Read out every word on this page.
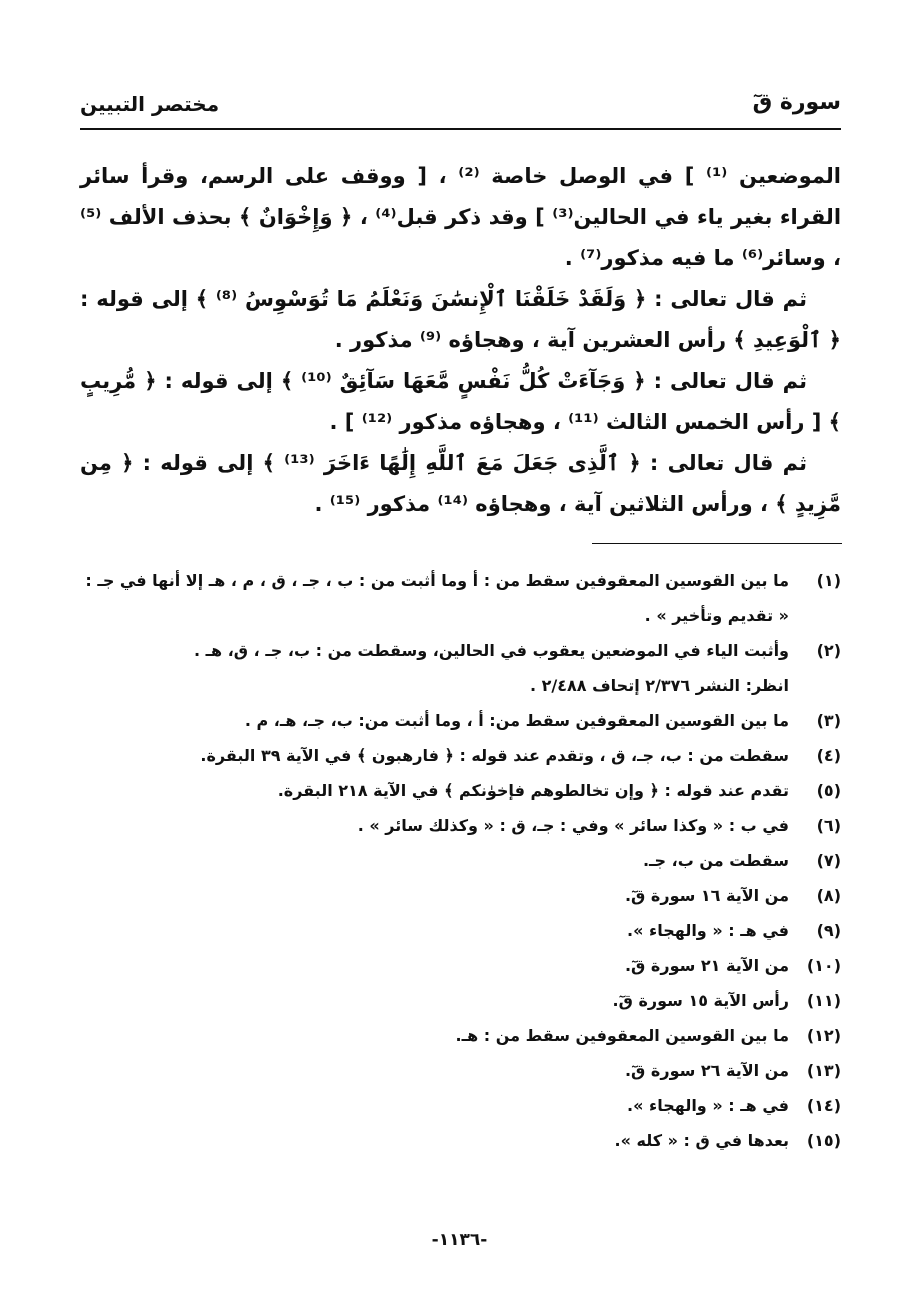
سورة قٓ
مختصر التبيين

الموضعين ⁽¹⁾ ] في الوصل خاصة ⁽²⁾ ، [ ووقف على الرسم، وقرأ سائر القراء بغير ياء في الحالين⁽³⁾ ] وقد ذكر قبل⁽⁴⁾ ، ﴿ وَإِخْوَانٌ ﴾ بحذف الألف ⁽⁵⁾ ، وسائر⁽⁶⁾ ما فيه مذكور⁽⁷⁾ .

ثم قال تعالى : ﴿ وَلَقَدْ خَلَقْنَا ٱلْإِنسَٰنَ وَنَعْلَمُ مَا تُوَسْوِسُ ⁽⁸⁾ ﴾ إلى قوله : ﴿ ٱلْوَعِيدِ ﴾ رأس العشرين آية ، وهجاؤه ⁽⁹⁾ مذكور .

ثم قال تعالى : ﴿ وَجَآءَتْ كُلُّ نَفْسٍ مَّعَهَا سَآئِقٌ ⁽¹⁰⁾ ﴾ إلى قوله : ﴿ مُّرِيبٍ ﴾ [ رأس الخمس الثالث ⁽¹¹⁾ ، وهجاؤه مذكور ⁽¹²⁾ ] .

ثم قال تعالى : ﴿ ٱلَّذِى جَعَلَ مَعَ ٱللَّهِ إِلَٰهًا ءَاخَرَ ⁽¹³⁾ ﴾ إلى قوله : ﴿ مِن مَّزِيدٍ ﴾ ، ورأس الثلاثين آية ، وهجاؤه ⁽¹⁴⁾ مذكور ⁽¹⁵⁾ .

(١)
ما بين القوسين المعقوفين سقط من : أ وما أثبت من : ب ، جـ ، ق ، م ، هـ إلا أنها في جـ : « تقديم وتأخير » .
(٢)
وأثبت الياء في الموضعين يعقوب في الحالين، وسقطت من : ب، جـ ، ق، هـ .
انظر: النشر ٢/٣٧٦ إتحاف ٢/٤٨٨ .
(٣)
ما بين القوسين المعقوفين سقط من: أ ، وما أثبت من: ب، جـ، هـ، م .
(٤)
سقطت من : ب، جـ، ق ، وتقدم عند قوله : ﴿ فارهبون ﴾ في الآية ٣٩ البقرة.
(٥)
تقدم عند قوله : ﴿ وإن تخالطوهم فإخوٰنكم ﴾ في الآية ٢١٨ البقرة.
(٦)
في ب : « وكذا سائر » وفي : جـ، ق : « وكذلك سائر » .
(٧)
سقطت من ب، جـ.
(٨)
من الآية ١٦ سورة قٓ.
(٩)
في هـ : « والهجاء ».
(١٠)
من الآية ٢١ سورة قٓ.
(١١)
رأس الآية ١٥ سورة قٓ.
(١٢)
ما بين القوسين المعقوفين سقط من : هـ.
(١٣)
من الآية ٢٦ سورة قٓ.
(١٤)
في هـ : « والهجاء ».
(١٥)
بعدها في ق : « كله ».
-١١٣٦-
